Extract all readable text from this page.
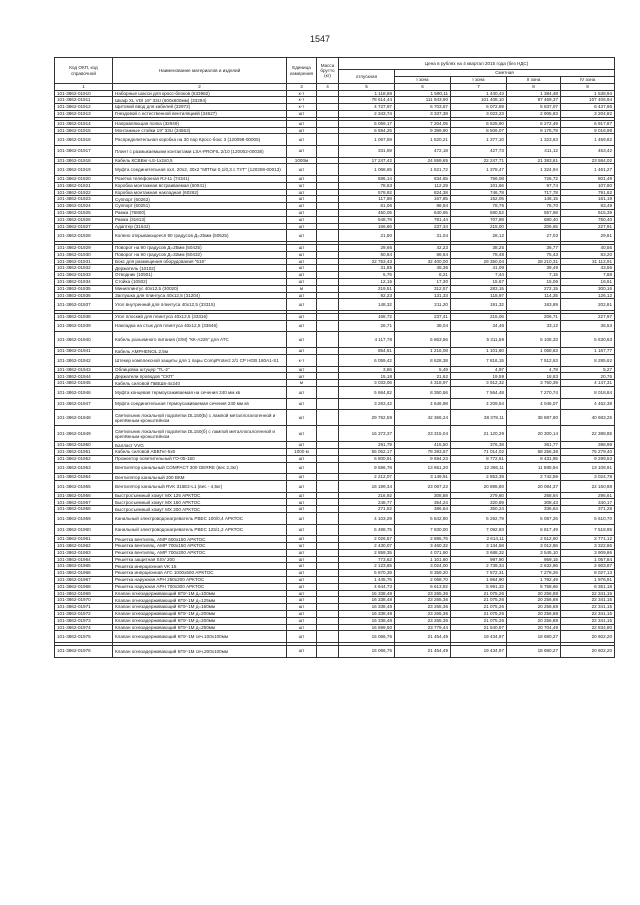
1547
Код ОКП, код справочной	Наименование материалов и изделий	Единица измерения	Масса брутто (кг)	Цена в рублях на 4 квартал 2015 года (без НДС)				
				отпускная	Сметная			
					I зона	I зона	II зона	IV зона
1	2	3	4	5	6	7	8	9
101-3862-01910	Наборные шасси для кросс-блоков (633962)	к-т		1 118,68	1 590,11	1 440,43	1 384,48	1 538,94
101-3862-01911	Шкаф ХL VDI 19" 33U (600x600мм) (33294)	к-т		78 614,44	111 943,90	101 408,10	97 469,37	107 406,94
101-3862-01912	Щитовой ввод для кабелей (32972)	к-т		4 727,97	6 703,67	6 072,89	5 837,07	6 437,86
101-3862-01913	Гнездовой с естественной вентиляцией (34627)	шт		2 343,74	3 337,38	3 023,23	2 905,83	3 204,82

101-3862-01914	Направляющая полка (32949)	шт		5 059,17	7 204,05	6 525,90	6 272,49	6 917,87
101-3862-01915	Монтажные стойки 19" 33U (34653)	шт		6 594,25	9 389,90	8 506,07	8 175,78	9 016,98
101-3862-01916	Распределительная коробка на 30 пар Кросс-бокс 3 (120098-00005)	шт		1 067,59	1 520,21	1 377,10	1 323,63	1 459,82
101-3862-01917	Плинт с размыкаемыми контактами LSA-PROFIL 2/10 (120002-00038)	шт		331,59	472,18	427,73	411,12	453,42
101-3862-01918	Кабель КСВВнг-LS-1x2x0,5	1000м		17 247,42	24 559,65	22 247,71	21 383,81	23 584,02
101-3862-01919	Муфта соединительная охл. 20х2, 30х2 "МПТки 0,1/0,3 с ТУТ" (120308-00013)	шт		1 068,65	1 521,72	1 378,47	1 324,94	1 461,27
101-3862-01920	Розетка телефонная RJ-11 (74341)	шт		586,14	834,65	756,08	726,72	801,49
101-3862-01921	Коробка монтажная встраиваемая (60041)	шт		78,63	112,29	101,66	97,74	107,80
101-3862-01922	Коробка монтажная накладная (60262)	шт		578,92	824,38	746,78	717,78	791,62
101-3862-01923	Суппорт (60262)	шт		117,88	167,85	152,05	146,15	161,19
101-3862-01924	Суппорт (60251)	шт		61,06	86,94	78,76	75,70	83,49
101-3862-01925	Рамка (76800)	шт		450,05	640,65	580,52	557,98	615,39
101-3862-01926	Рамка (31613)	шт		548,78	781,44	707,88	680,40	750,40
101-3862-01927	Адаптер (31642)	шт		166,66	237,34	215,00	206,65	227,91
101-3862-01928	Колено открывающееся 90 градусов Д=25мм (50525)	шт		21,80	31,04	28,12	27,03	29,81

101-3862-01929	Поворот на 90 градусов Д=25мм (50425)	шт		29,66	42,23	38,25	36,77	40,55
101-3862-01930	Поворот на 90 градусов Д=32мм (50432)	шт		60,84	86,64	78,48	75,43	83,20
101-3862-01931	Бокс для размещения оборудования "616"	шт		22 753,43	32 400,00	29 350,04	28 210,31	31 112,91
101-3862-01932	Держатель (10102)	шт		31,85	45,36	41,09	39,49	43,56
101-3862-01933	Отводник (10501)	шт		5,76	8,21	7,44	7,15	7,88
101-3862-01934	Стойка (10502)	шт		12,15	17,30	15,67	15,06	16,61
101-3862-01935	Миниплинтус 40x12,5 (30020)	м		219,51	312,57	283,15	272,15	300,16
101-3862-01936	Заглушка для плинтуса 40x12,5 (31204)	шт		92,23	131,33	118,97	114,35	126,12
101-3862-01937	Угол внутренний для плинтуса 40x12,5 (33315)	шт		148,32	211,20	191,32	183,89	202,81

101-3862-01938	Угол плоский для плинтуса 40x12,5 (33316)	шт		168,72	237,41	215,06	206,71	227,97
101-3862-01939	Накладка на стык для плинтуса 40x12,5 (33646)	шт		26,71	38,04	34,46	33,12	36,53
101-3862-01940	Кабель разъемного питания (S/M) "КК-А226" для АТС	шт		4 117,78	5 863,56	5 311,59	5 105,33	5 630,63
101-3862-01941	Кабель AMPHENOL 2,5м	шт		854,61	1 216,08	1 101,60	1 058,83	1 167,77
101-3862-01942	Штекер комплексной защиты для 1 пары CompProtect 2/1 CP HGB 180A1-S1	к-т		6 059,42	8 628,38	7 816,15	7 512,63	8 285,62
101-3862-01943	Облицовка штуцер "TL-2"	шт		3,86	5,49	4,97	4,78	5,27
101-3862-01944	Держатели проводов "СКП"	шт		15,18	21,62	19,59	18,83	20,76
101-3862-01945	Кабель силовой ПвВШв-4x240	м		3 033,06	4 318,97	3 912,32	3 760,39	4 147,31
101-3862-01946	Муфта концевая термоусаживаемая на сечения 240 мм кв	шт		5 664,82	8 350,56	7 564,48	7 270,74	8 018,84
101-3862-01947	Муфта соединительная термоусаживаемая сечения 240 мм кв	шт		3 263,42	4 646,98	4 209,54	4 046,07	4 462,38
101-3862-01948	Светильник локальной подсветки DL150(Б) с лампой металлогалогенной и крепёжным кронштейном	шт		29 752,59	42 366,24	38 378,11	36 887,80	40 683,25
101-3862-01949	Светильник локальной подсветки DL150(б) с лампой металлогалогенной и крепёжным кронштейном	шт		16 373,37	23 315,04	21 120,29	20 300,14	22 388,85
101-3862-01950	Баллаcт VVG	шт		291,79	415,50	376,38	361,77	398,99
101-3862-01951	Кабель силовой АВВГнг-5x6	1000 м		55 052,17	78 393,57	71 014,02	68 256,38	75 279,40
101-3862-01952	Прожектор осветительный ГО-05-150	шт		6 800,91	9 684,23	8 772,61	8 431,95	9 299,53
101-3862-01953	Вентилятор канальный COMPACT 300 OERRE (вес 2,3кг)	шт		9 586,78	13 651,20	12 366,11	11 885,94	13 108,91
101-3862-01954	Вентилятор канальный 200 ВКМ	шт		2 212,07	3 149,91	2 853,39	2 742,59	3 024,78
101-3862-01955	Вентилятор канальный RVK 315E2-L1 (вес - 4,5кг)	шт		16 199,34	23 067,22	20 895,80	20 084,37	22 150,88
101-3862-01956	Быстросъемный хомут MX 125 АРКТОС	шт		216,92	308,88	279,80	268,94	296,61
101-3862-01957	Быстросъемный хомут MX 160 АРКТОС	шт		248,77	354,24	320,89	308,43	340,17
101-3862-01958	Быстросъемный хомут MX 200 АРКТОС	шт		271,52	386,64	350,24	336,64	371,28
101-3862-01959	Канальный электроводонагреватель РВЕС 100/0,4 АРКТОС	шт		4 103,29	5 842,80	5 292,79	5 087,26	5 610,70
101-3862-01960	Канальный электроводонагреватель РВЕС 125/1,2 АРКТОС	шт		5 498,75	7 830,00	7 092,93	6 817,49	7 518,95
101-3862-01961	Решетка вентиляц. АМР 600x150 АРКТОС	шт		2 026,57	2 885,76	2 614,11	2 512,60	2 771,12
101-3862-01962	Решетка вентиляц. АМР 700x150 АРКТОС	шт		2 430,07	3 460,32	3 134,58	3 012,86	3 322,86
101-3862-01963	Решетка вентиляц. АМР 700x200 АРКТОС	шт		2 859,35	4 071,60	3 688,32	3 545,10	3 909,86
101-3862-01964	Решетка защитная SSV 200	шт		773,62	1 101,60	997,90	959,15	1 057,84
101-3862-01965	Решетка инерционная VK 15	шт		2 123,65	3 024,00	2 739,34	2 632,96	2 903,87
101-3862-01966	Решетка инерционная АГС 1000x500 АРКТОС	шт		5 870,39	8 359,20	7 572,31	7 278,26	8 027,13
101-3862-01967	Решетка наружная АРН 250x200 АРКТОС	шт		1 445,75	2 058,70	1 864,90	1 792,49	1 976,91
101-3862-01968	Решетка наружная АРН 700x300 АРКТОС	шт		4 644,73	6 613,92	5 991,32	5 758,66	6 351,18
101-3862-01969	Клапан огнезадерживающий КПУ-1М д=100мм	шт		15 338,48	23 265,36	21 075,26	20 256,88	22 341,15
101-3862-01970	Клапан огнезадерживающий КПУ-1М д=125мм	шт		16 338,48	23 265,36	21 075,26	20 256,88	22 341,15
101-3862-01971	Клапан огнезадерживающий КПУ-1М д=160мм	шт		16 338,48	23 265,36	21 075,26	20 256,88	22 341,15
101-3862-01972	Клапан огнезадерживающий КПУ-1М д=200мм	шт		16 338,48	23 265,36	21 075,26	20 256,88	22 341,15
101-3862-01973	Клапан огнезадерживающий КПУ-1М д=200мм	шт		16 338,48	23 265,36	21 075,26	20 256,88	22 341,15
101-3862-01974	Клапан огнезадерживающий КПУ-1М д=250мм	шт		16 699,50	23 779,44	21 540,97	20 704,49	22 834,80
101-3862-01975	Клапан огнезадерживающий КПУ-1М сеч.100x100мм	шт		15 066,76	21 454,49	19 434,97	18 680,27	20 602,20

101-3862-01976	Клапан огнезадерживающий КПУ-1М сеч.200x100мм	шт		15 066,76	21 454,49	19 434,97	18 680,27	20 602,20
